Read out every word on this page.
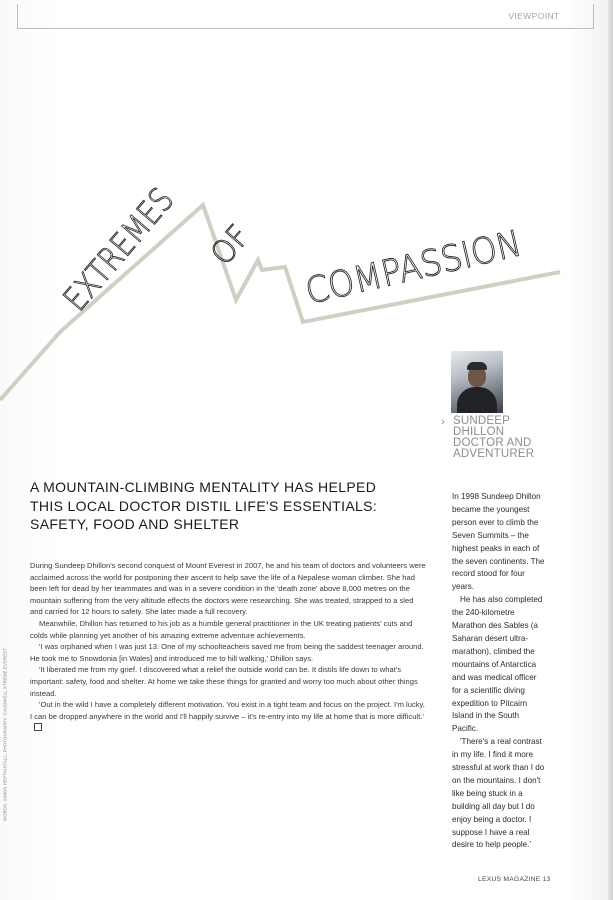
VIEWPOINT
EXTREMES OF COMPASSION
› SUNDEEP
DHILLON
DOCTOR AND
ADVENTURER
A MOUNTAIN-CLIMBING MENTALITY HAS HELPED THIS LOCAL DOCTOR DISTIL LIFE'S ESSENTIALS: SAFETY, FOOD AND SHELTER

During Sundeep Dhillon's second conquest of Mount Everest in 2007, he and his team of doctors and volunteers were acclaimed across the world for postponing their ascent to help save the life of a Nepalese woman climber. She had been left for dead by her teammates and was in a severe condition in the 'death zone' above 8,000 metres on the mountain suffering from the very altitude effects the doctors were researching. She was treated, strapped to a sled and carried for 12 hours to safety. She later made a full recovery.

Meanwhile, Dhillon has returned to his job as a humble general practitioner in the UK treating patients' cuts and colds while planning yet another of his amazing extreme adventure achievements.

'I was orphaned when I was just 13. One of my schoolteachers saved me from being the saddest teenager around. He took me to Snowdonia [in Wales] and introduced me to hill walking,' Dhillon says.

'It liberated me from my grief. I discovered what a relief the outside world can be. It distils life down to what's important: safety, food and shelter. At home we take these things for granted and worry too much about other things instead.

'Out in the wild I have a completely different motivation. You exist in a tight team and focus on the project. I'm lucky, I can be dropped anywhere in the world and I'll happily survive – it's re-entry into my life at home that is more difficult.'

In 1998 Sundeep Dhillon became the youngest person ever to climb the Seven Summits – the highest peaks in each of the seven continents. The record stood for four years.

He has also completed the 240-kilometre Marathon des Sables (a Saharan desert ultra-marathon), climbed the mountains of Antarctica and was medical officer for a scientific diving expedition to Pitcairn Island in the South Pacific.

'There's a real contrast in my life. I find it more stressful at work than I do on the mountains. I don't like being stuck in a building all day but I do enjoy being a doctor. I suppose I have a real desire to help people.'

WORDS: SIMON HEPTINSTALL; PHOTOGRAPHY: CAUDWELL XTREME EVEREST
LEXUS MAGAZINE 13
